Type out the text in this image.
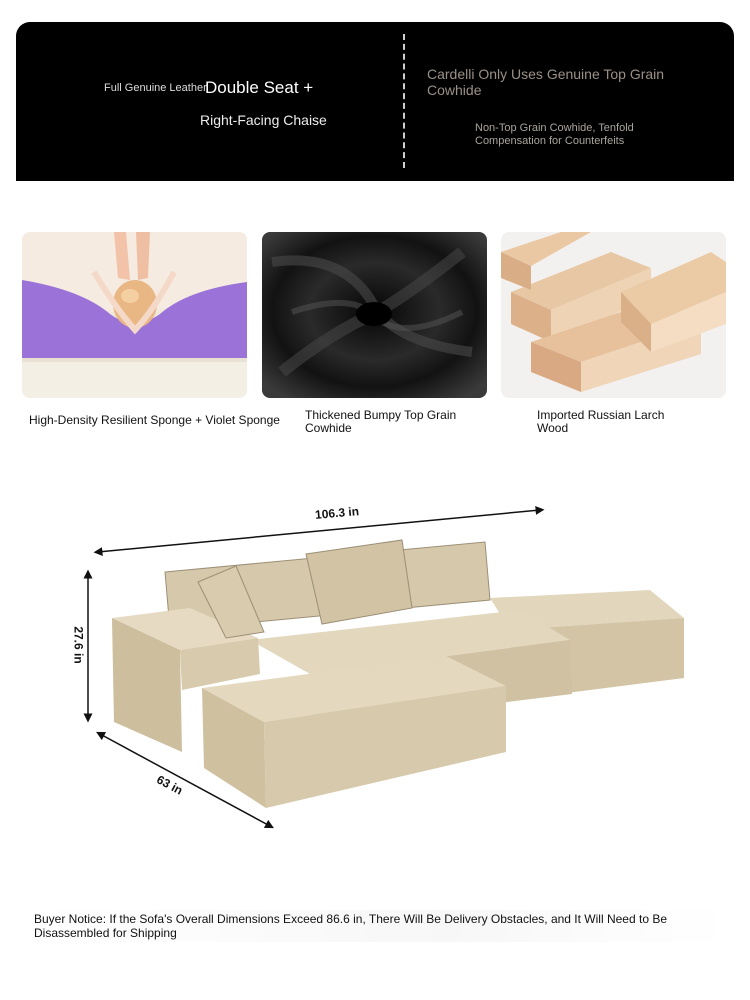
Full Genuine Leather
Double Seat +
Right-Facing Chaise
Cardelli Only Uses Genuine Top Grain Cowhide
Non-Top Grain Cowhide, Tenfold Compensation for Counterfeits
High-Density Resilient Sponge + Violet Sponge	Thickened Bumpy Top Grain Cowhide
Imported Russian Larch Wood
106.3 in
27.6 in
63 in
Buyer Notice: If the Sofa's Overall Dimensions Exceed 86.6 in, There Will Be Delivery Obstacles, and It Will Need to Be Disassembled for Shipping
